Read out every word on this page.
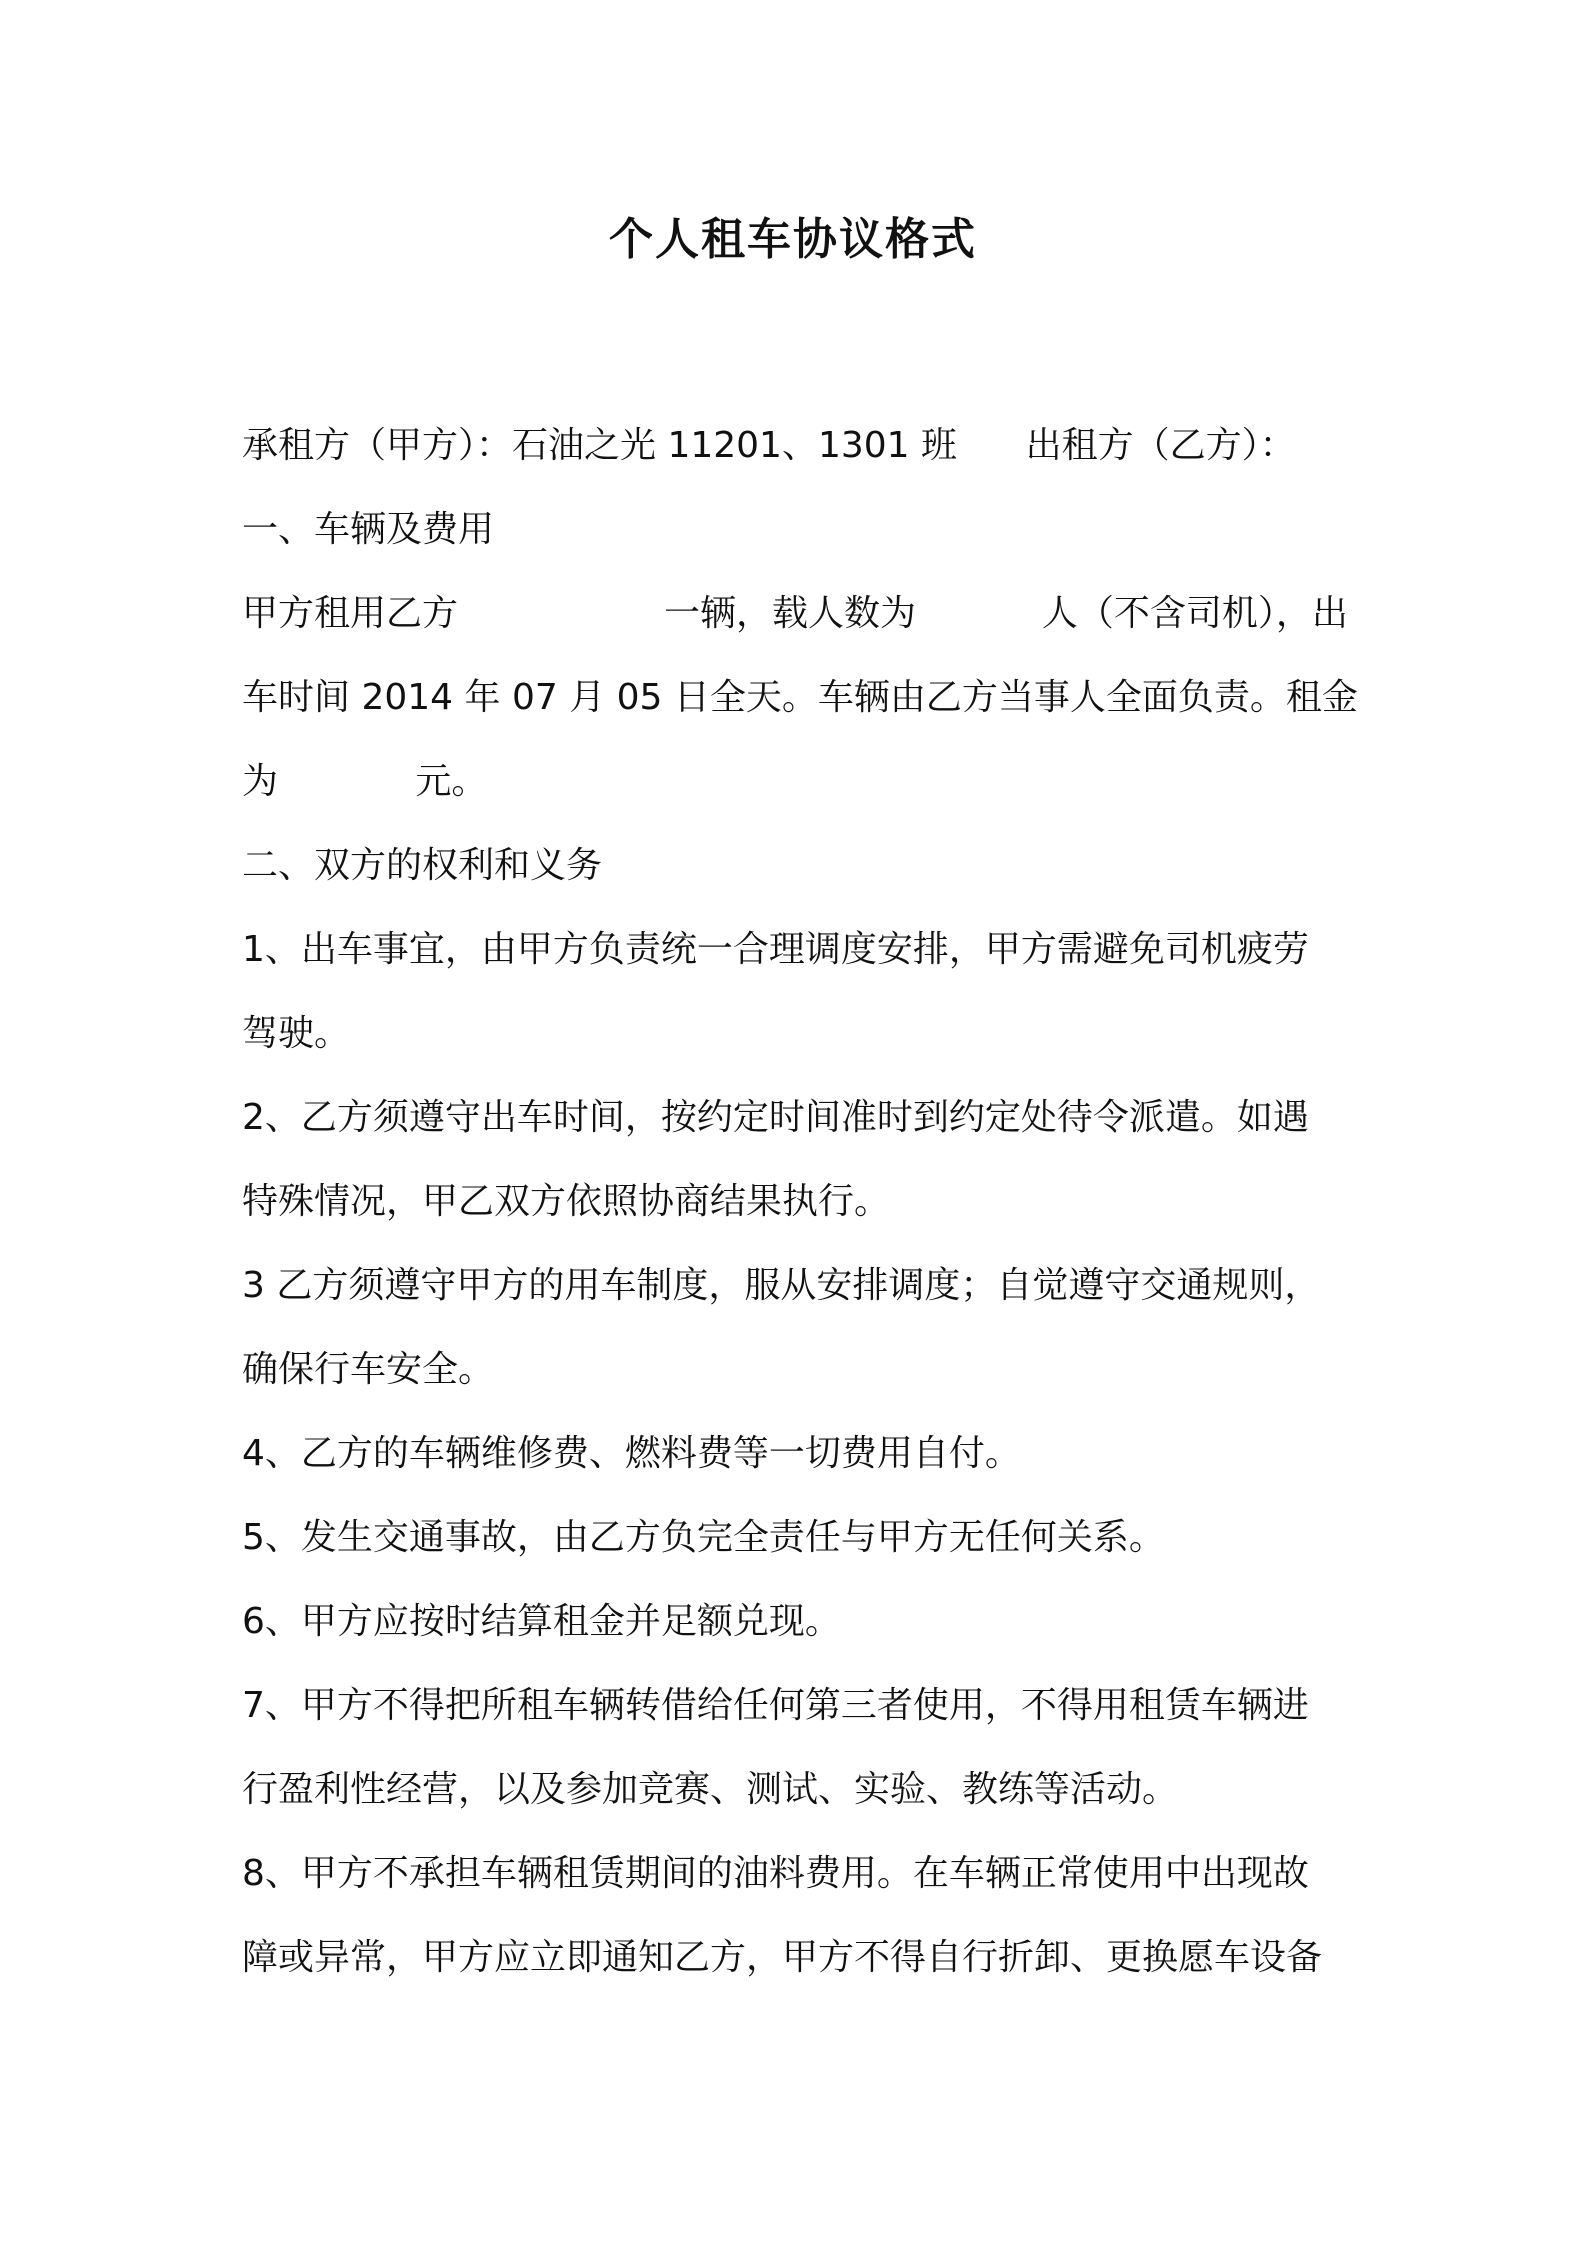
个人租车协议格式
承租方（甲方）：石油之光 11201、1301 班      出租方（乙方）：
一、车辆及费用
甲方租用乙方                  一辆，载人数为           人（不含司机），出
车时间 2014 年 07 月 05 日全天。车辆由乙方当事人全面负责。租金
为            元。
二、双方的权利和义务
1、出车事宜，由甲方负责统一合理调度安排，甲方需避免司机疲劳
驾驶。
2、乙方须遵守出车时间，按约定时间准时到约定处待令派遣。如遇
特殊情况，甲乙双方依照协商结果执行。
3 乙方须遵守甲方的用车制度，服从安排调度；自觉遵守交通规则，
确保行车安全。
4、乙方的车辆维修费、燃料费等一切费用自付。
5、发生交通事故，由乙方负完全责任与甲方无任何关系。
6、甲方应按时结算租金并足额兑现。
7、甲方不得把所租车辆转借给任何第三者使用，不得用租赁车辆进
行盈利性经营，以及参加竞赛、测试、实验、教练等活动。
8、甲方不承担车辆租赁期间的油料费用。在车辆正常使用中出现故
障或异常，甲方应立即通知乙方，甲方不得自行折卸、更换愿车设备
